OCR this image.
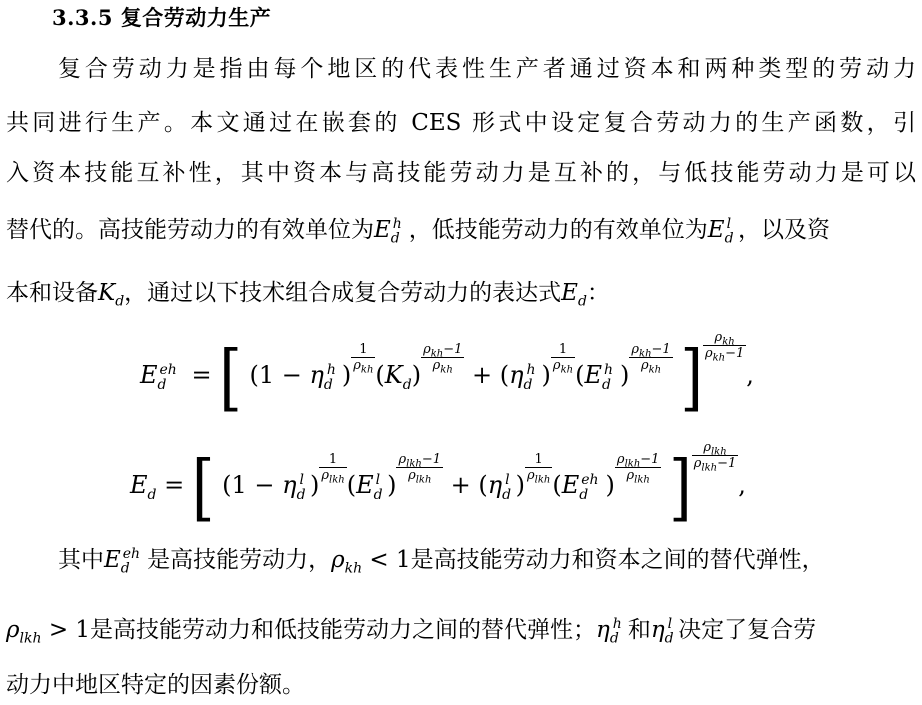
3.3.5 复合劳动力生产
复合劳动力是指由每个地区的代表性生产者通过资本和两种类型的劳动力
共同进行生产。本文通过在嵌套的 CES 形式中设定复合劳动力的生产函数，引
入资本技能互补性，其中资本与高技能劳动力是互补的，与低技能劳动力是可以
替代的。高技能劳动力的有效单位为$E_d^h$ ，低技能劳动力的有效单位为$E_d^l$ ，以及资
本和设备$K_d$，通过以下技术组合成复合劳动力的表达式$E_d$：
$E_d^{eh}$ = [ ($1 - \eta_d^h$ )
$\frac{1}{\rho_{kh}}$
$(K_d)$
$\frac{\rho_{kh}-1}{\rho_{kh}}$
+ ($\eta_d^h$ )
$\frac{1}{\rho_{kh}}$
($E_d^h$ )
$\frac{\rho_{kh}-1}{\rho_{kh}}$ ] $\frac{\rho_{kh}}{\rho_{kh}-1}$
,
$E_d$ = [ ($1 - \eta_d^l$ )
$\frac{1}{\rho_{lkh}}$
($E_d^l$ )
$\frac{\rho_{lkh}-1}{\rho_{lkh}}$
+ ($\eta_d^l$ )
$\frac{1}{\rho_{lkh}}$
($E_d^{eh}$ )
$\frac{\rho_{lkh}-1}{\rho_{lkh}}$ ] $\frac{\rho_{lkh}}{\rho_{lkh}-1}$
,
其中$E_d^{eh}$ 是高技能劳动力，$\rho_{kh} < 1$是高技能劳动力和资本之间的替代弹性，
$\rho_{lkh} > 1$是高技能劳动力和低技能劳动力之间的替代弹性；$\eta_d^h$ 和$\eta_d^l$ 决定了复合劳
动力中地区特定的因素份额。
